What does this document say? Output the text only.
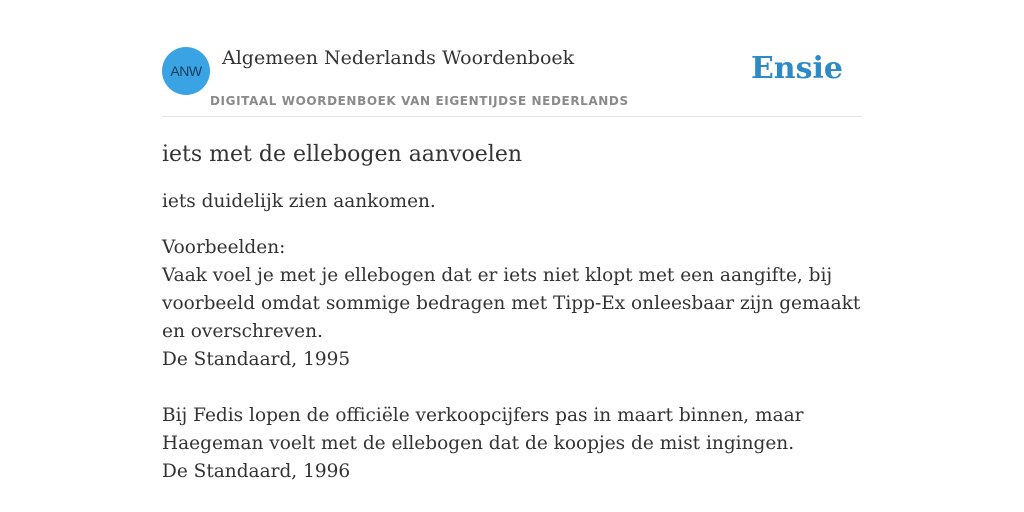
ANW
Algemeen Nederlands Woordenboek
DIGITAAL WOORDENBOEK VAN EIGENTIJDSE NEDERLANDS
Ensie
iets met de ellebogen aanvoelen

iets duidelijk zien aankomen.

Voorbeelden:
Vaak voel je met je ellebogen dat er iets niet klopt met een aangifte, bij voorbeeld omdat sommige bedragen met Tipp-Ex onleesbaar zijn gemaakt en overschreven.
De Standaard, 1995
Bij Fedis lopen de officiële verkoopcijfers pas in maart binnen, maar Haegeman voelt met de ellebogen dat de koopjes de mist ingingen.
De Standaard, 1996
